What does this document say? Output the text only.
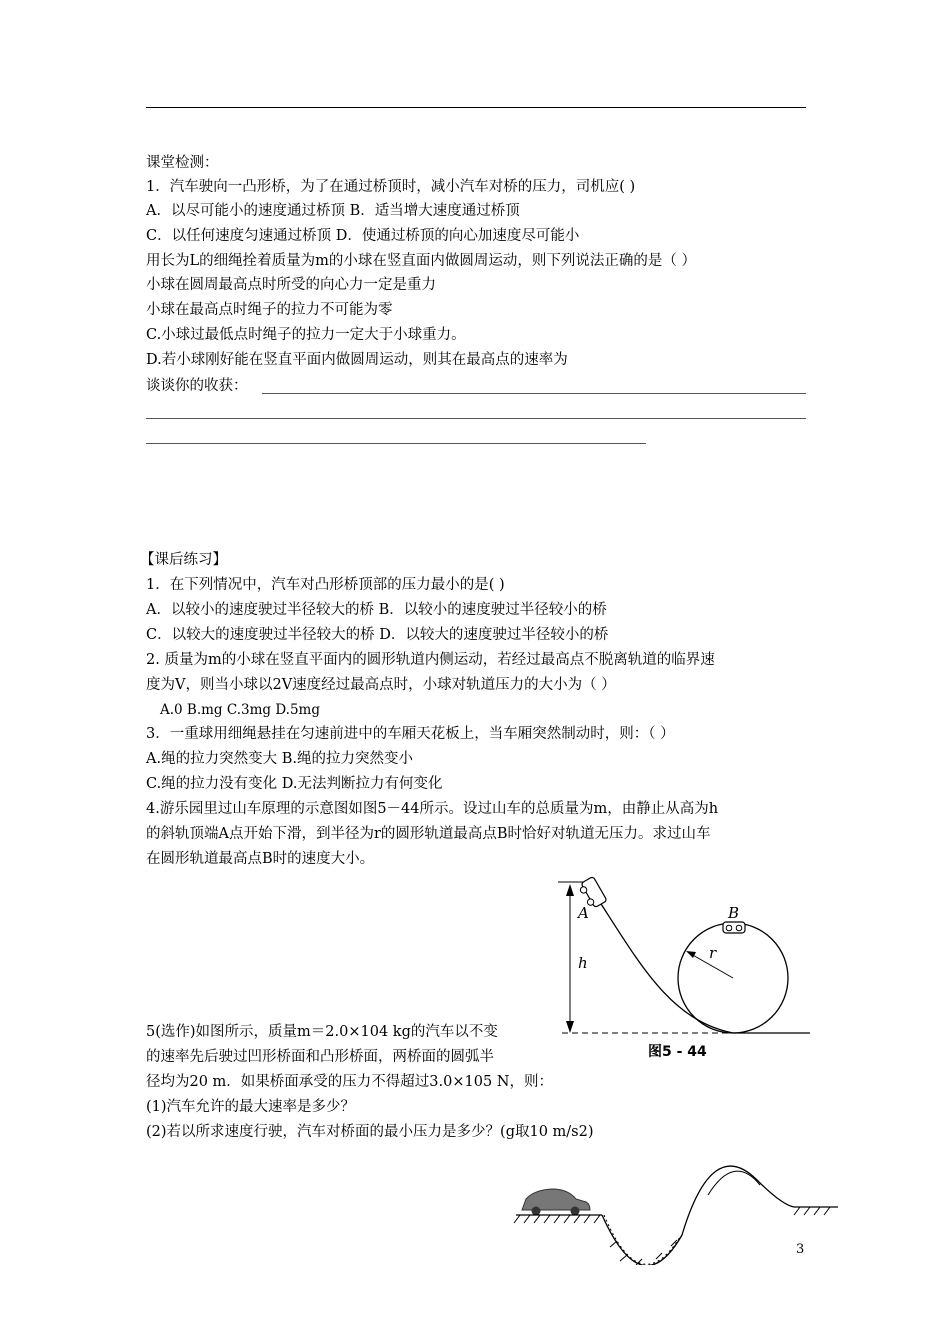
课堂检测：
1．汽车驶向一凸形桥，为了在通过桥顶时，减小汽车对桥的压力，司机应( )
A．以尽可能小的速度通过桥顶 B．适当增大速度通过桥顶
C．以任何速度匀速通过桥顶 D．使通过桥顶的向心加速度尽可能小
用长为L的细绳拴着质量为m的小球在竖直面内做圆周运动，则下列说法正确的是（ ）
小球在圆周最高点时所受的向心力一定是重力
小球在最高点时绳子的拉力不可能为零
C.小球过最低点时绳子的拉力一定大于小球重力。
D.若小球刚好能在竖直平面内做圆周运动，则其在最高点的速率为
谈谈你的收获：
【课后练习】
1．在下列情况中，汽车对凸形桥顶部的压力最小的是( )
A．以较小的速度驶过半径较大的桥 B．以较小的速度驶过半径较小的桥
C．以较大的速度驶过半径较大的桥 D．以较大的速度驶过半径较小的桥
2. 质量为m的小球在竖直平面内的圆形轨道内侧运动，若经过最高点不脱离轨道的临界速
度为V，则当小球以2V速度经过最高点时，小球对轨道压力的大小为（ ）
A.0 B.mg C.3mg D.5mg
3．一重球用细绳悬挂在匀速前进中的车厢天花板上，当车厢突然制动时，则：（ ）
A.绳的拉力突然变大 B.绳的拉力突然变小
C.绳的拉力没有变化 D.无法判断拉力有何变化
4.游乐园里过山车原理的示意图如图5－44所示。设过山车的总质量为m，由静止从高为h
的斜轨顶端A点开始下滑，到半径为r的圆形轨道最高点B时恰好对轨道无压力。求过山车
在圆形轨道最高点B时的速度大小。
A	B
h
r
图5 - 44
5(选作)如图所示，质量m＝2.0×104 kg的汽车以不变
的速率先后驶过凹形桥面和凸形桥面，两桥面的圆弧半
径均为20 m．如果桥面承受的压力不得超过3.0×105 N，则：
(1)汽车允许的最大速率是多少？
(2)若以所求速度行驶，汽车对桥面的最小压力是多少？(g取10 m/s2)
3
